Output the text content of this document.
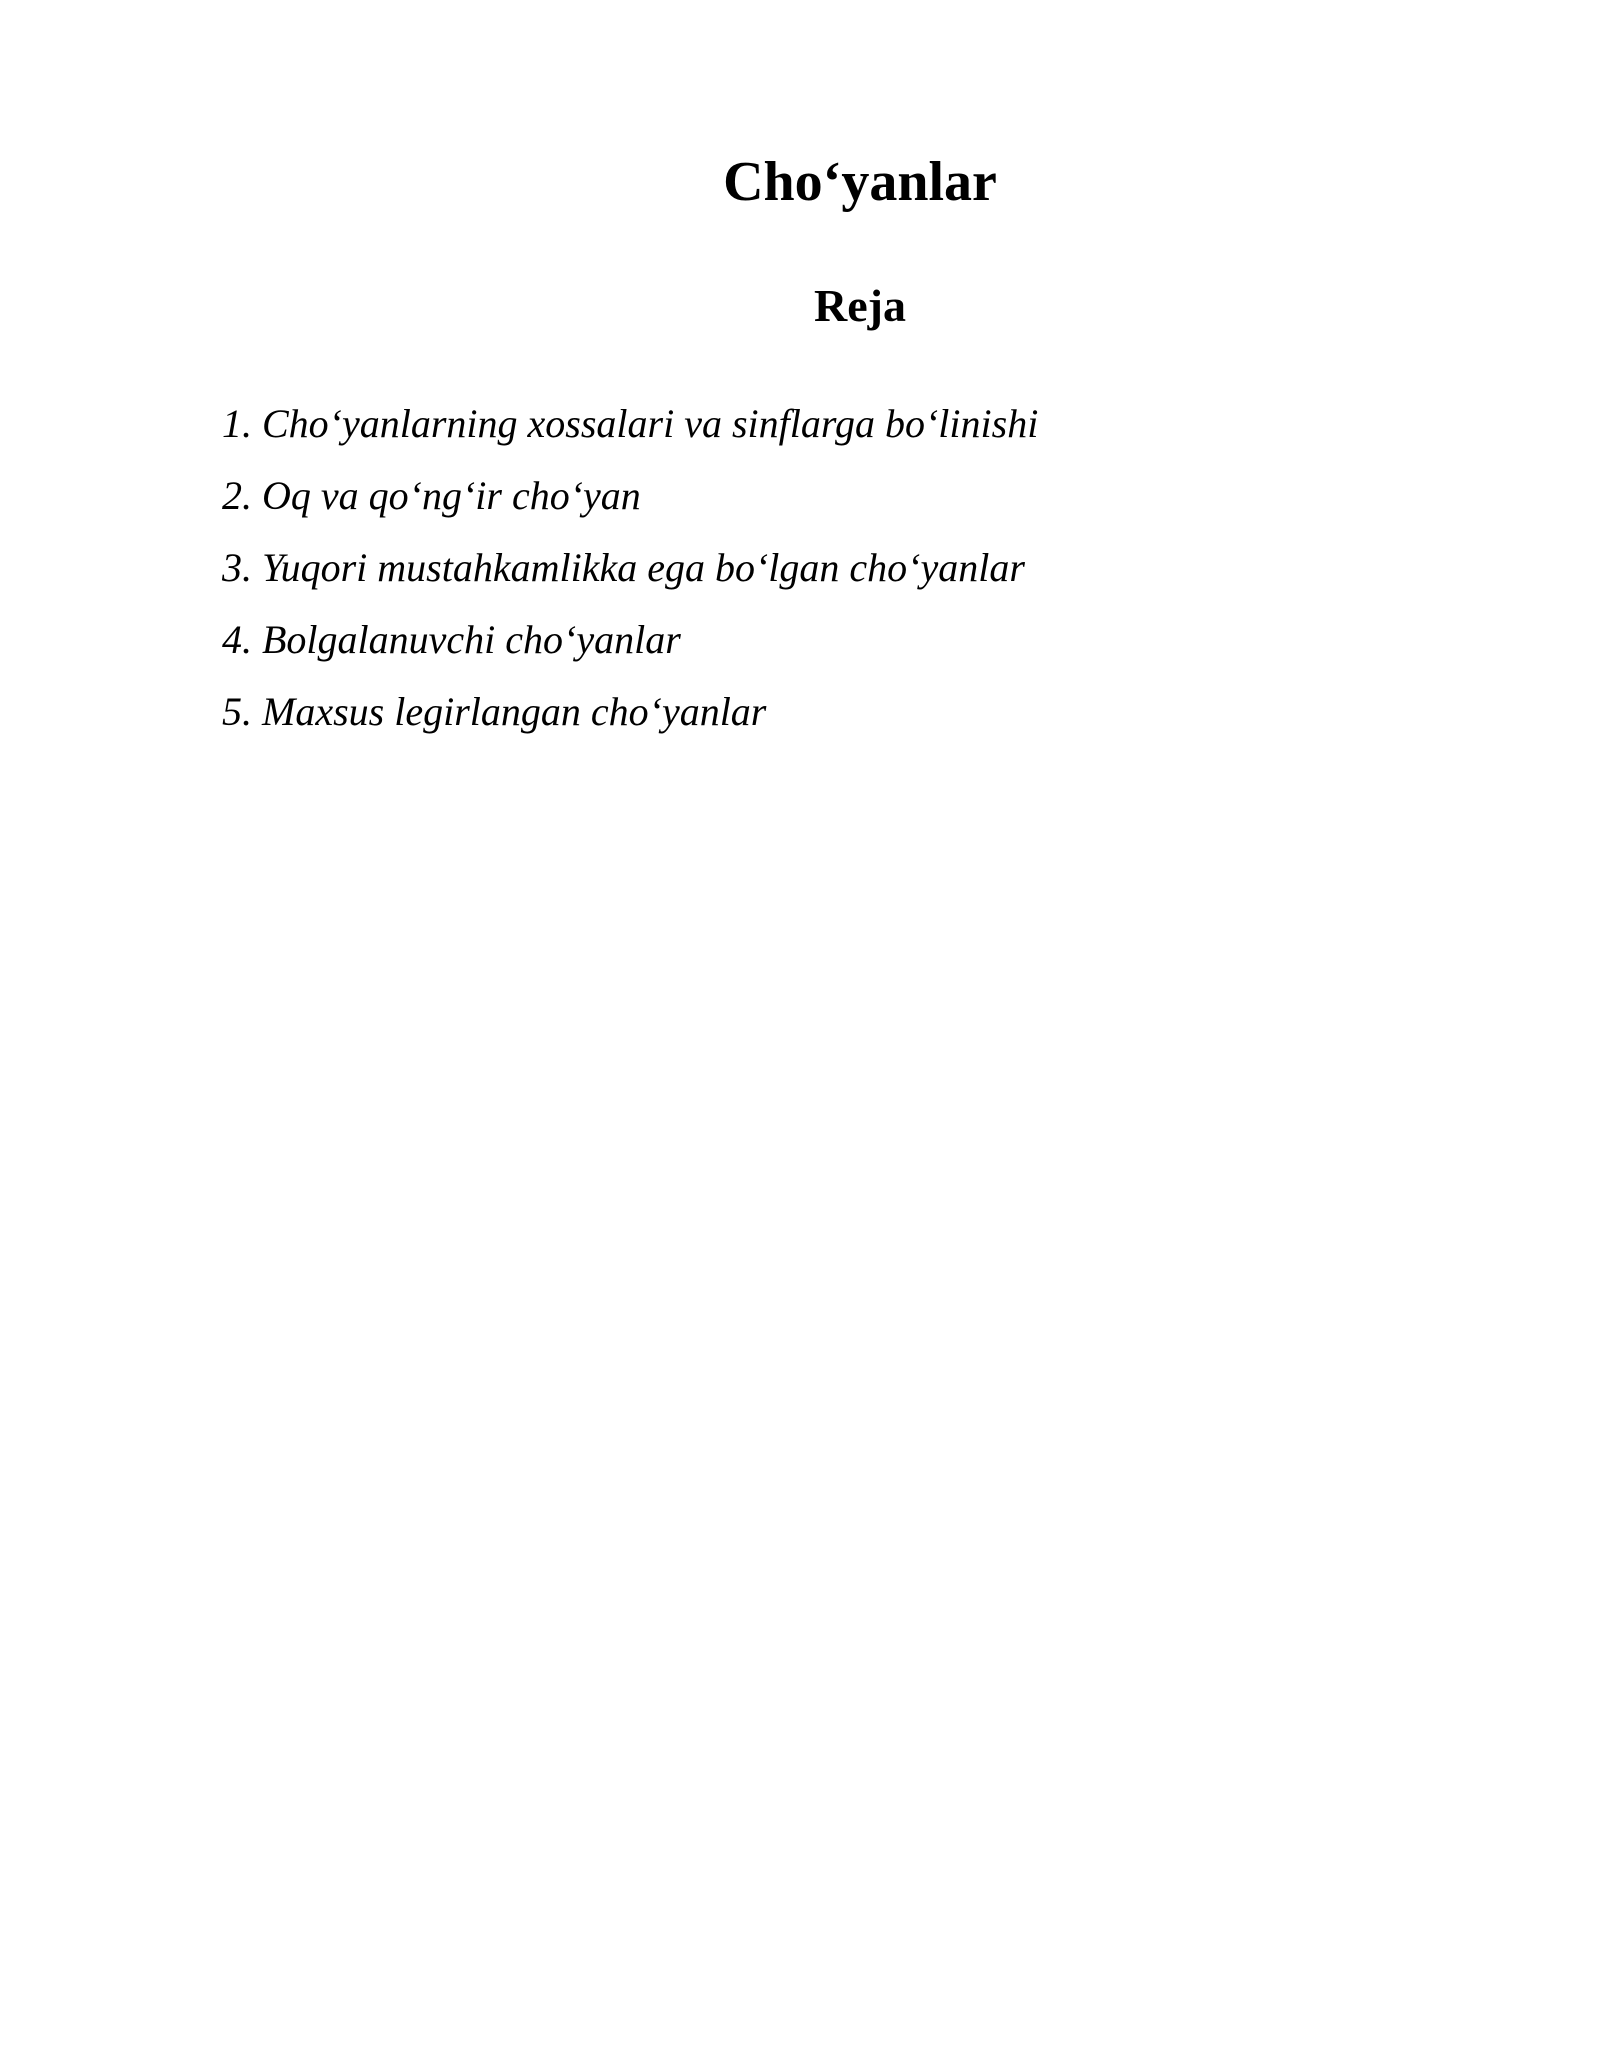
Cho‘yanlar
Reja
1. Cho‘yanlarning xossalari va sinflarga bo‘linishi
2. Oq va qo‘ng‘ir cho‘yan
3. Yuqori mustahkamlikka ega bo‘lgan cho‘yanlar
4. Bolgalanuvchi cho‘yanlar
5. Maxsus legirlangan cho‘yanlar
